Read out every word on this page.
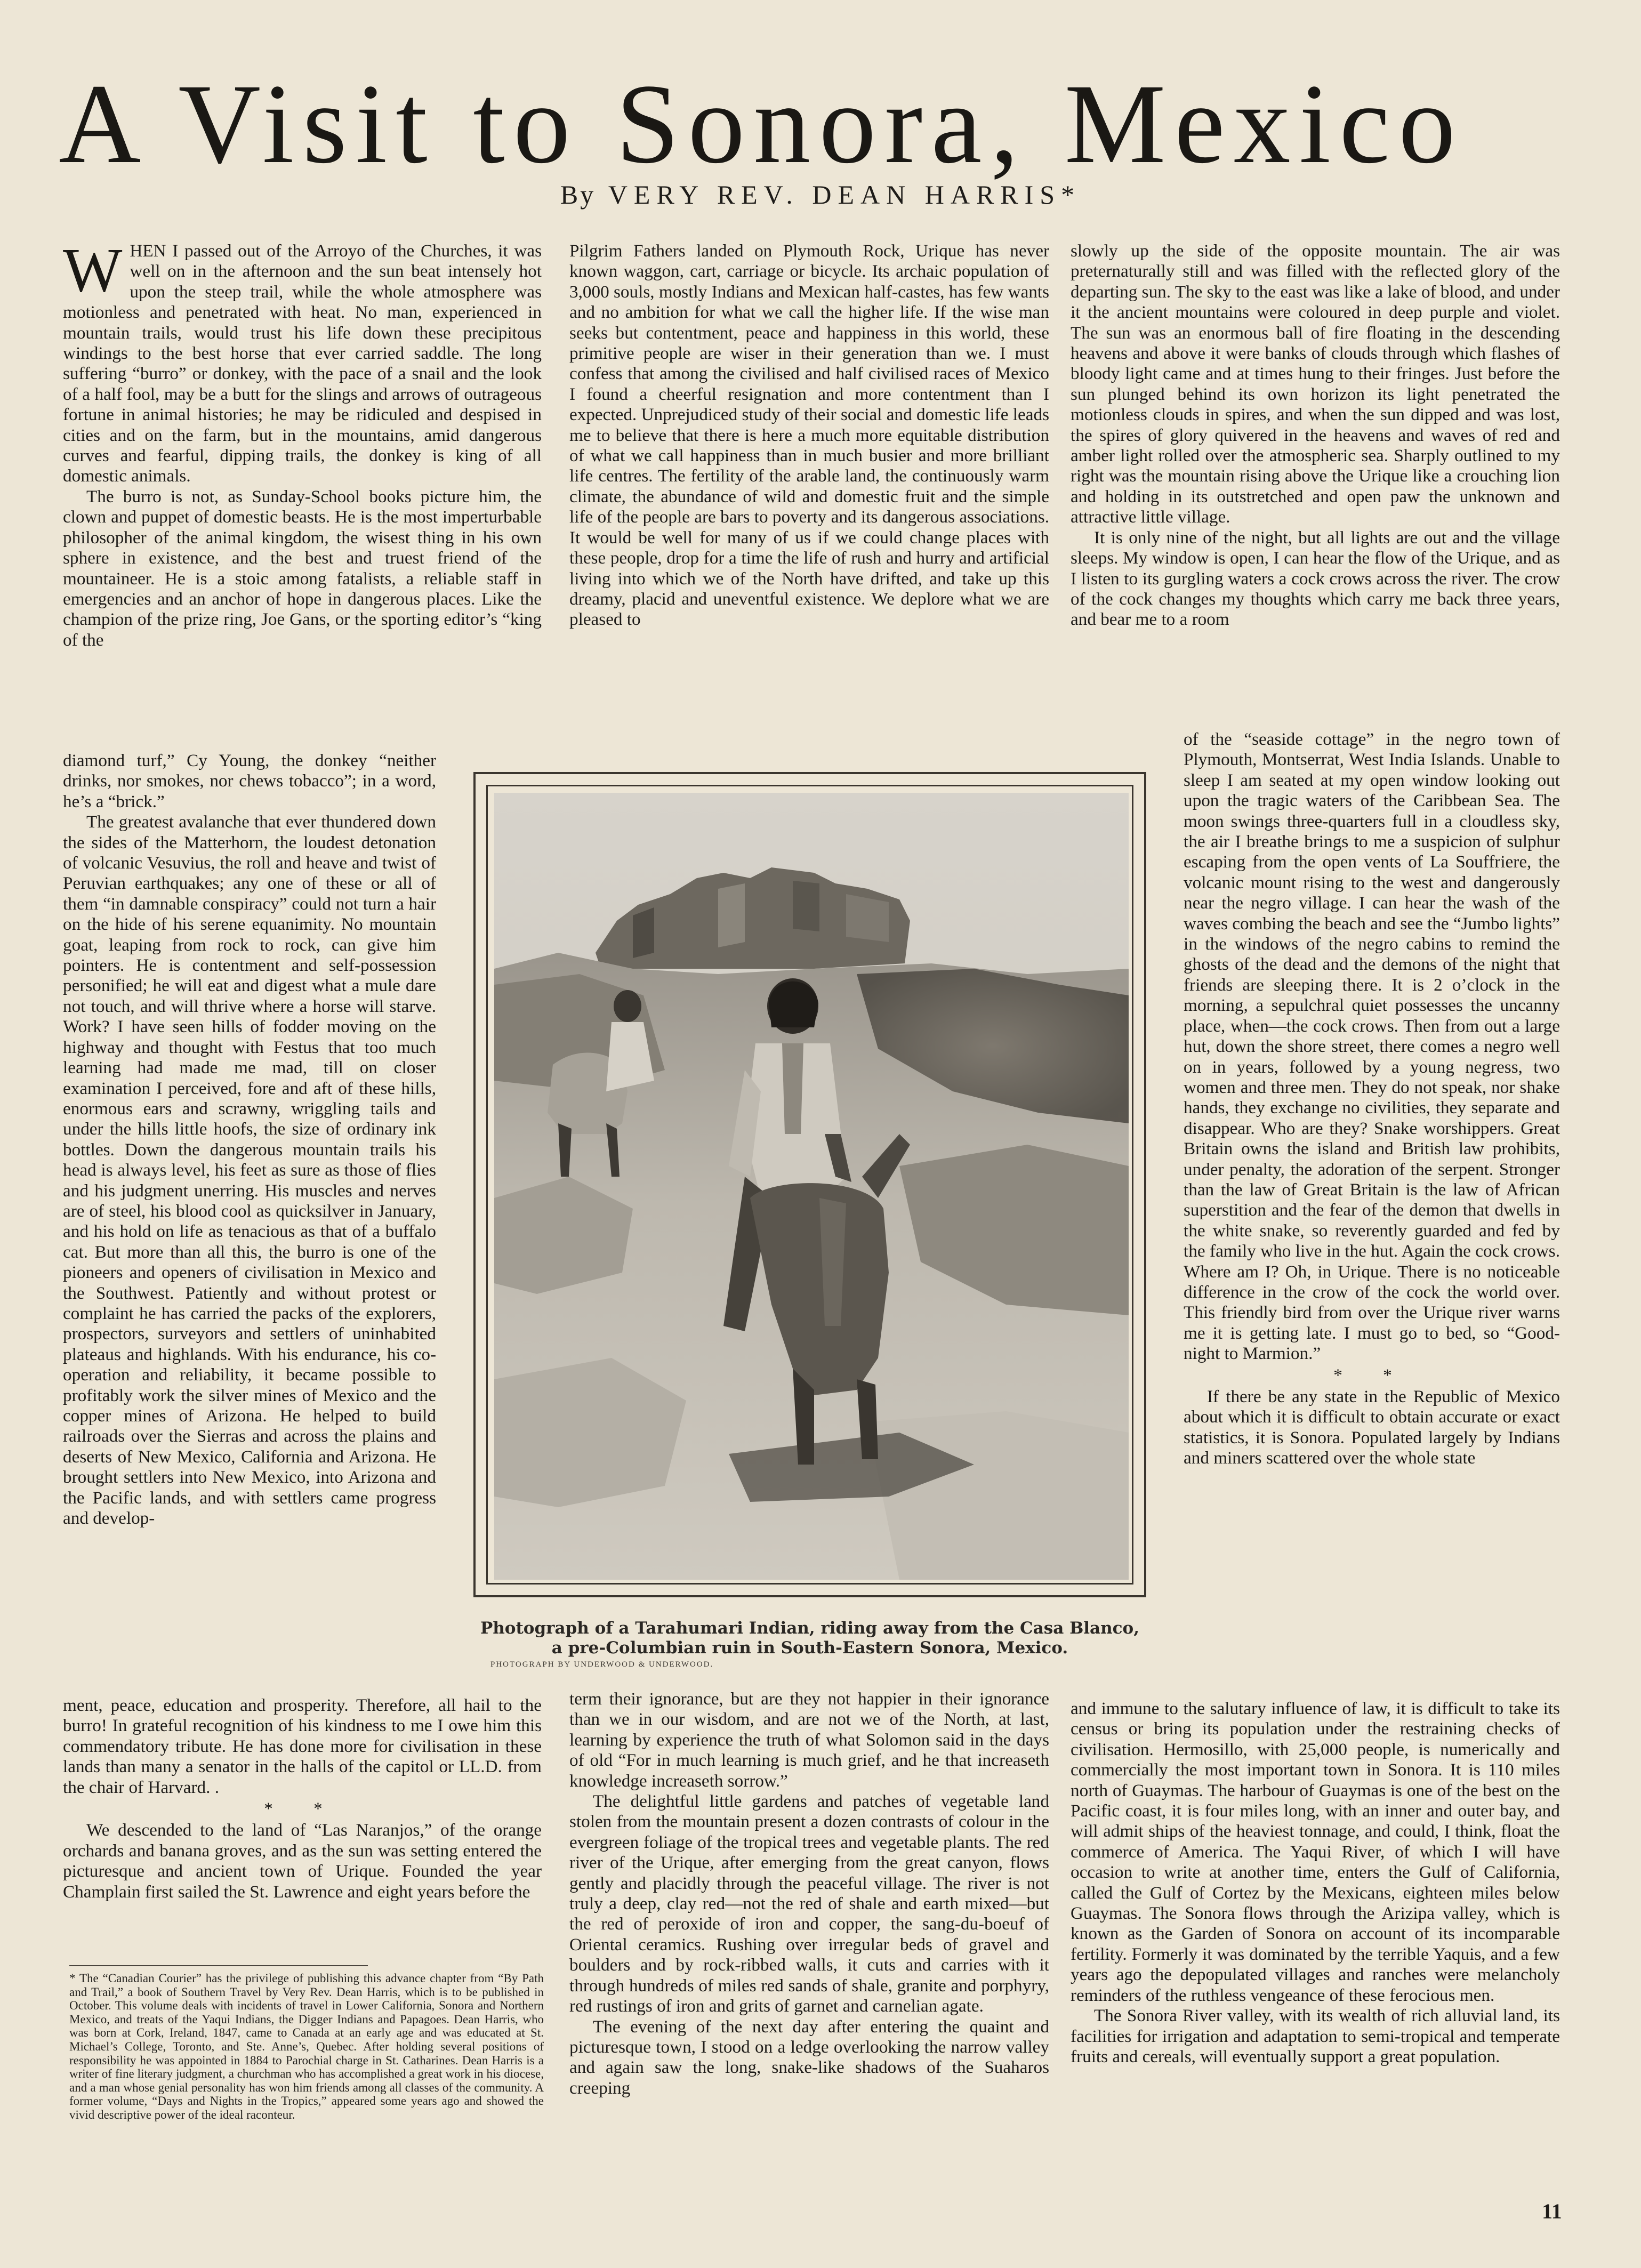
A Visit to Sonora, Mexico
By VERY REV. DEAN HARRIS*

WHEN I passed out of the Arroyo of the Churches, it was well on in the afternoon and the sun beat intensely hot upon the steep trail, while the whole atmosphere was motionless and penetrated with heat. No man, experienced in mountain trails, would trust his life down these precipitous windings to the best horse that ever carried saddle. The long suffering “burro” or donkey, with the pace of a snail and the look of a half fool, may be a butt for the slings and arrows of outrageous fortune in animal histories; he may be ridiculed and despised in cities and on the farm, but in the mountains, amid dangerous curves and fearful, dipping trails, the donkey is king of all domestic animals.

The burro is not, as Sunday-School books picture him, the clown and puppet of domestic beasts. He is the most imperturbable philosopher of the animal kingdom, the wisest thing in his own sphere in existence, and the best and truest friend of the mountaineer. He is a stoic among fatalists, a reliable staff in emergencies and an anchor of hope in dangerous places. Like the champion of the prize ring, Joe Gans, or the sporting editor’s “king of the

diamond turf,” Cy Young, the donkey “neither drinks, nor smokes, nor chews tobacco”; in a word, he’s a “brick.”

The greatest avalanche that ever thundered down the sides of the Matterhorn, the loudest detonation of volcanic Vesuvius, the roll and heave and twist of Peruvian earthquakes; any one of these or all of them “in damnable conspiracy” could not turn a hair on the hide of his serene equanimity. No mountain goat, leaping from rock to rock, can give him pointers. He is contentment and self-possession personified; he will eat and digest what a mule dare not touch, and will thrive where a horse will starve. Work? I have seen hills of fodder moving on the highway and thought with Festus that too much learning had made me mad, till on closer examination I perceived, fore and aft of these hills, enormous ears and scrawny, wriggling tails and under the hills little hoofs, the size of ordinary ink bottles. Down the dangerous mountain trails his head is always level, his feet as sure as those of flies and his judgment unerring. His muscles and nerves are of steel, his blood cool as quicksilver in January, and his hold on life as tenacious as that of a buffalo cat. But more than all this, the burro is one of the pioneers and openers of civilisation in Mexico and the Southwest. Patiently and without protest or complaint he has carried the packs of the explorers, prospectors, surveyors and settlers of uninhabited plateaus and highlands. With his endurance, his co-operation and reliability, it became possible to profitably work the silver mines of Mexico and the copper mines of Arizona. He helped to build railroads over the Sierras and across the plains and deserts of New Mexico, California and Arizona. He brought settlers into New Mexico, into Arizona and the Pacific lands, and with settlers came progress and develop-

ment, peace, education and prosperity. Therefore, all hail to the burro! In grateful recognition of his kindness to me I owe him this commendatory tribute. He has done more for civilisation in these lands than many a senator in the halls of the capitol or LL.D. from the chair of Harvard. .

* *

We descended to the land of “Las Naranjos,” of the orange orchards and banana groves, and as the sun was setting entered the picturesque and ancient town of Urique. Founded the year Champlain first sailed the St. Lawrence and eight years before the

Pilgrim Fathers landed on Plymouth Rock, Urique has never known waggon, cart, carriage or bicycle. Its archaic population of 3,000 souls, mostly Indians and Mexican half-castes, has few wants and no ambition for what we call the higher life. If the wise man seeks but contentment, peace and happiness in this world, these primitive people are wiser in their generation than we. I must confess that among the civilised and half civilised races of Mexico I found a cheerful resignation and more contentment than I expected. Unprejudiced study of their social and domestic life leads me to believe that there is here a much more equitable distribution of what we call happiness than in much busier and more brilliant life centres. The fertility of the arable land, the continuously warm climate, the abundance of wild and domestic fruit and the simple life of the people are bars to poverty and its dangerous associations. It would be well for many of us if we could change places with these people, drop for a time the life of rush and hurry and artificial living into which we of the North have drifted, and take up this dreamy, placid and uneventful existence. We deplore what we are pleased to

term their ignorance, but are they not happier in their ignorance than we in our wisdom, and are not we of the North, at last, learning by experience the truth of what Solomon said in the days of old “For in much learning is much grief, and he that increaseth knowledge increaseth sorrow.”

The delightful little gardens and patches of vegetable land stolen from the mountain present a dozen contrasts of colour in the evergreen foliage of the tropical trees and vegetable plants. The red river of the Urique, after emerging from the great canyon, flows gently and placidly through the peaceful village. The river is not truly a deep, clay red—not the red of shale and earth mixed—but the red of peroxide of iron and copper, the sang-du-boeuf of Oriental ceramics. Rushing over irregular beds of gravel and boulders and by rock-ribbed walls, it cuts and carries with it through hundreds of miles red sands of shale, granite and porphyry, red rustings of iron and grits of garnet and carnelian agate.

The evening of the next day after entering the quaint and picturesque town, I stood on a ledge overlooking the narrow valley and again saw the long, snake-like shadows of the Suaharos creeping

slowly up the side of the opposite mountain. The air was preternaturally still and was filled with the reflected glory of the departing sun. The sky to the east was like a lake of blood, and under it the ancient mountains were coloured in deep purple and violet. The sun was an enormous ball of fire floating in the descending heavens and above it were banks of clouds through which flashes of bloody light came and at times hung to their fringes. Just before the sun plunged behind its own horizon its light penetrated the motionless clouds in spires, and when the sun dipped and was lost, the spires of glory quivered in the heavens and waves of red and amber light rolled over the atmospheric sea. Sharply outlined to my right was the mountain rising above the Urique like a crouching lion and holding in its outstretched and open paw the unknown and attractive little village.

It is only nine of the night, but all lights are out and the village sleeps. My window is open, I can hear the flow of the Urique, and as I listen to its gurgling waters a cock crows across the river. The crow of the cock changes my thoughts which carry me back three years, and bear me to a room

of the “seaside cottage” in the negro town of Plymouth, Montserrat, West India Islands. Unable to sleep I am seated at my open window looking out upon the tragic waters of the Caribbean Sea. The moon swings three-quarters full in a cloudless sky, the air I breathe brings to me a suspicion of sulphur escaping from the open vents of La Souffriere, the volcanic mount rising to the west and dangerously near the negro village. I can hear the wash of the waves combing the beach and see the “Jumbo lights” in the windows of the negro cabins to remind the ghosts of the dead and the demons of the night that friends are sleeping there. It is 2 o’clock in the morning, a sepulchral quiet possesses the uncanny place, when—the cock crows. Then from out a large hut, down the shore street, there comes a negro well on in years, followed by a young negress, two women and three men. They do not speak, nor shake hands, they exchange no civilities, they separate and disappear. Who are they? Snake worshippers. Great Britain owns the island and British law prohibits, under penalty, the adoration of the serpent. Stronger than the law of Great Britain is the law of African superstition and the fear of the demon that dwells in the white snake, so reverently guarded and fed by the family who live in the hut. Again the cock crows. Where am I? Oh, in Urique. There is no noticeable difference in the crow of the cock the world over. This friendly bird from over the Urique river warns me it is getting late. I must go to bed, so “Good-night to Marmion.”

* *

If there be any state in the Republic of Mexico about which it is difficult to obtain accurate or exact statistics, it is Sonora. Populated largely by Indians and miners scattered over the whole state

and immune to the salutary influence of law, it is difficult to take its census or bring its population under the restraining checks of civilisation. Hermosillo, with 25,000 people, is numerically and commercially the most important town in Sonora. It is 110 miles north of Guaymas. The harbour of Guaymas is one of the best on the Pacific coast, it is four miles long, with an inner and outer bay, and will admit ships of the heaviest tonnage, and could, I think, float the commerce of America. The Yaqui River, of which I will have occasion to write at another time, enters the Gulf of California, called the Gulf of Cortez by the Mexicans, eighteen miles below Guaymas. The Sonora flows through the Arizipa valley, which is known as the Garden of Sonora on account of its incomparable fertility. Formerly it was dominated by the terrible Yaquis, and a few years ago the depopulated villages and ranches were melancholy reminders of the ruthless vengeance of these ferocious men.

The Sonora River valley, with its wealth of rich alluvial land, its facilities for irrigation and adaptation to semi-tropical and temperate fruits and cereals, will eventually support a great population.

Photograph of a Tarahumari Indian, riding away from the Casa Blanco, a pre-Columbian ruin in South-Eastern Sonora, Mexico.
PHOTOGRAPH BY UNDERWOOD & UNDERWOOD.
* The “Canadian Courier” has the privilege of publishing this advance chapter from “By Path and Trail,” a book of Southern Travel by Very Rev. Dean Harris, which is to be published in October. This volume deals with incidents of travel in Lower California, Sonora and Northern Mexico, and treats of the Yaqui Indians, the Digger Indians and Papagoes. Dean Harris, who was born at Cork, Ireland, 1847, came to Canada at an early age and was educated at St. Michael’s College, Toronto, and Ste. Anne’s, Quebec. After holding several positions of responsibility he was appointed in 1884 to Parochial charge in St. Catharines. Dean Harris is a writer of fine literary judgment, a churchman who has accomplished a great work in his diocese, and a man whose genial personality has won him friends among all classes of the community. A former volume, “Days and Nights in the Tropics,” appeared some years ago and showed the vivid descriptive power of the ideal raconteur.
11
